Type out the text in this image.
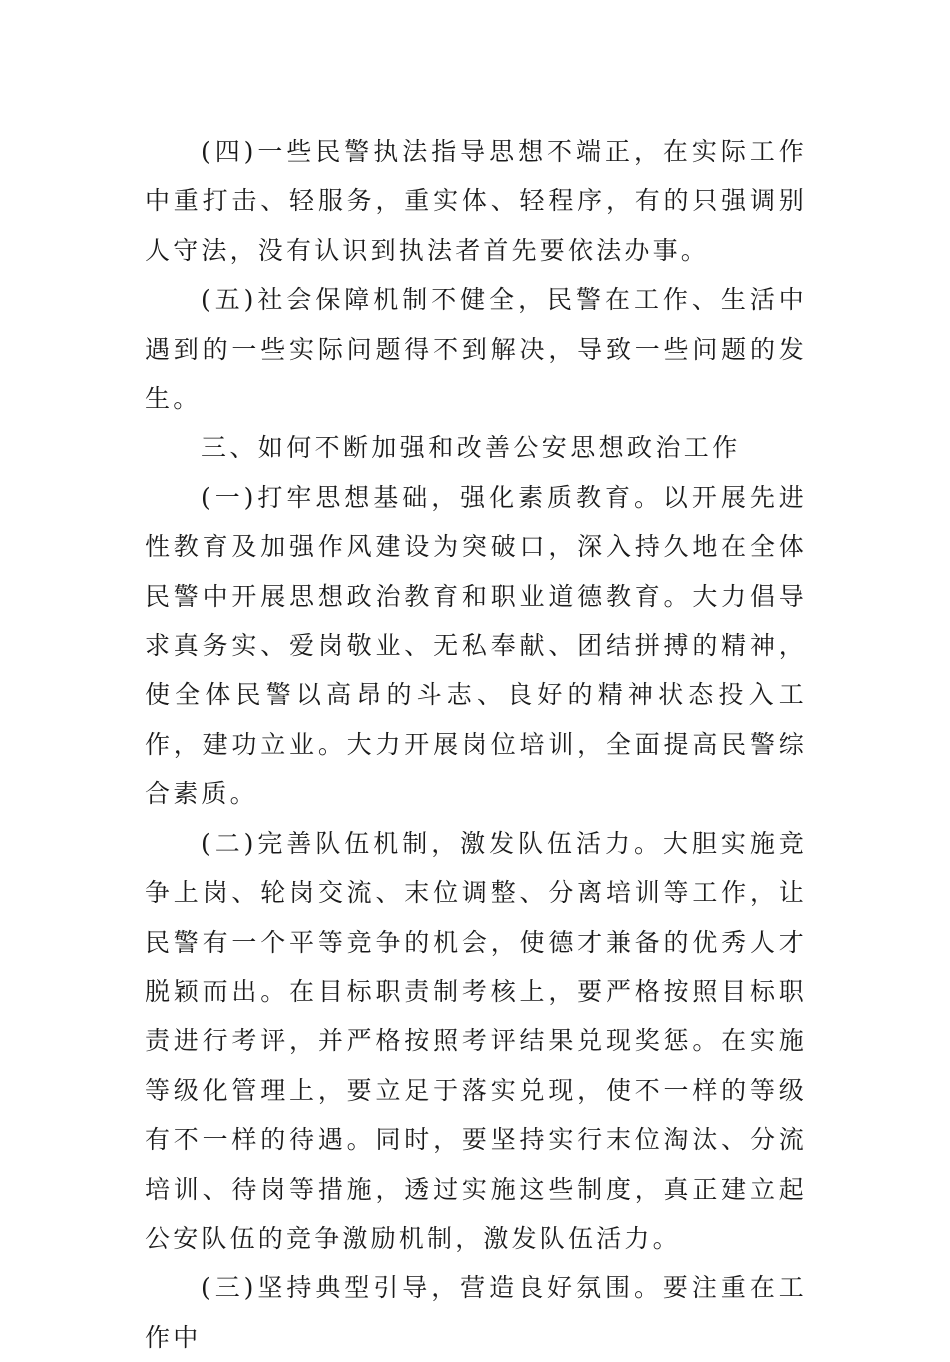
(四)一些民警执法指导思想不端正，在实际工作中重打击、轻服务，重实体、轻程序，有的只强调别人守法，没有认识到执法者首先要依法办事。

(五)社会保障机制不健全，民警在工作、生活中遇到的一些实际问题得不到解决，导致一些问题的发生。

三、如何不断加强和改善公安思想政治工作

(一)打牢思想基础，强化素质教育。以开展先进性教育及加强作风建设为突破口，深入持久地在全体民警中开展思想政治教育和职业道德教育。大力倡导求真务实、爱岗敬业、无私奉献、团结拼搏的精神，使全体民警以高昂的斗志、良好的精神状态投入工作，建功立业。大力开展岗位培训，全面提高民警综合素质。

(二)完善队伍机制，激发队伍活力。大胆实施竞争上岗、轮岗交流、末位调整、分离培训等工作，让民警有一个平等竞争的机会，使德才兼备的优秀人才脱颖而出。在目标职责制考核上，要严格按照目标职责进行考评，并严格按照考评结果兑现奖惩。在实施等级化管理上，要立足于落实兑现，使不一样的等级有不一样的待遇。同时，要坚持实行末位淘汰、分流培训、待岗等措施，透过实施这些制度，真正建立起公安队伍的竞争激励机制，激发队伍活力。

(三)坚持典型引导，营造良好氛围。要注重在工作中
